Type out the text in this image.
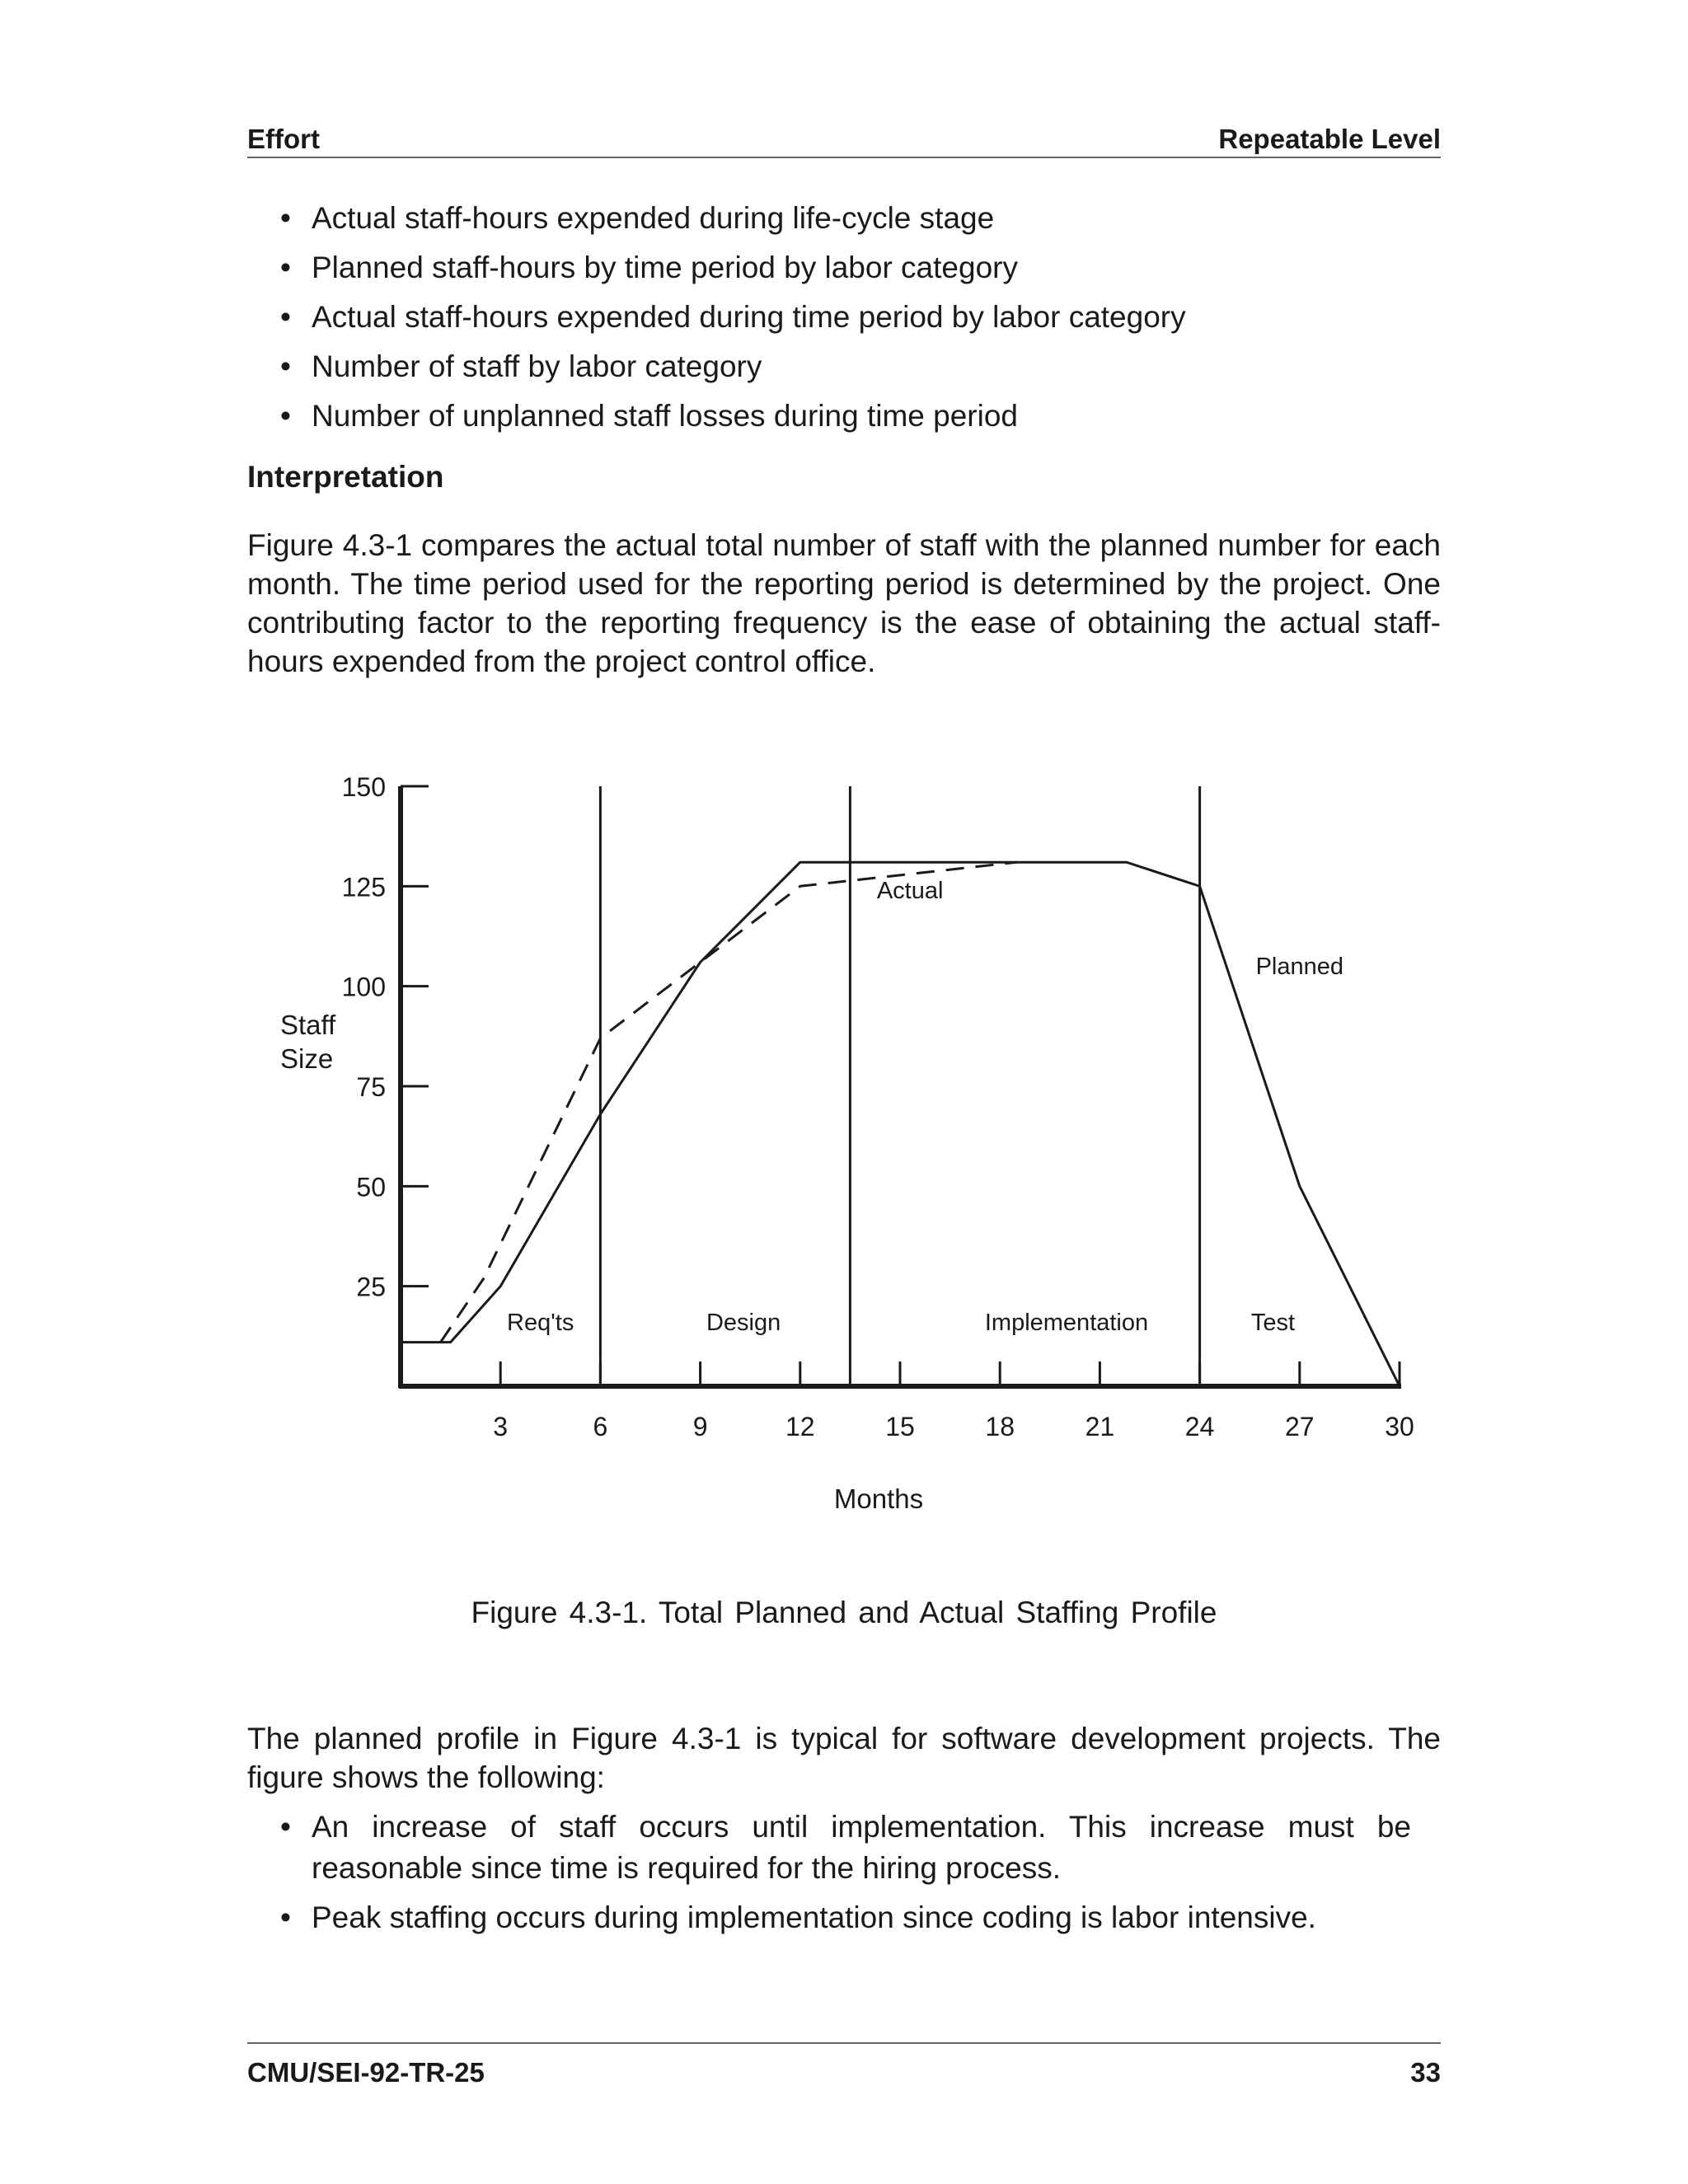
Effort	Repeatable Level
• Actual staff-hours expended during life-cycle stage
• Planned staff-hours by time period by labor category
• Actual staff-hours expended during time period by labor category
• Number of staff by labor category
• Number of unplanned staff losses during time period
Interpretation

Figure 4.3-1 compares the actual total number of staff with the planned number for each month. The time period used for the reporting period is determined by the project. One contributing factor to the reporting frequency is the ease of obtaining the actual staff-hours expended from the project control office.

25
50
75
100
125
150
3	6	9	12	15	18	21	24	27	30
Req'ts	Design	Implementation	Test
Planned
Actual
Staff
Size
Months
Figure 4.3-1. Total Planned and Actual Staffing Profile

The planned profile in Figure 4.3-1 is typical for software development projects. The figure shows the following:

• An increase of staff occurs until implementation. This increase must be reasonable since time is required for the hiring process.
• Peak staffing occurs during implementation since coding is labor intensive.
CMU/SEI-92-TR-25	33
